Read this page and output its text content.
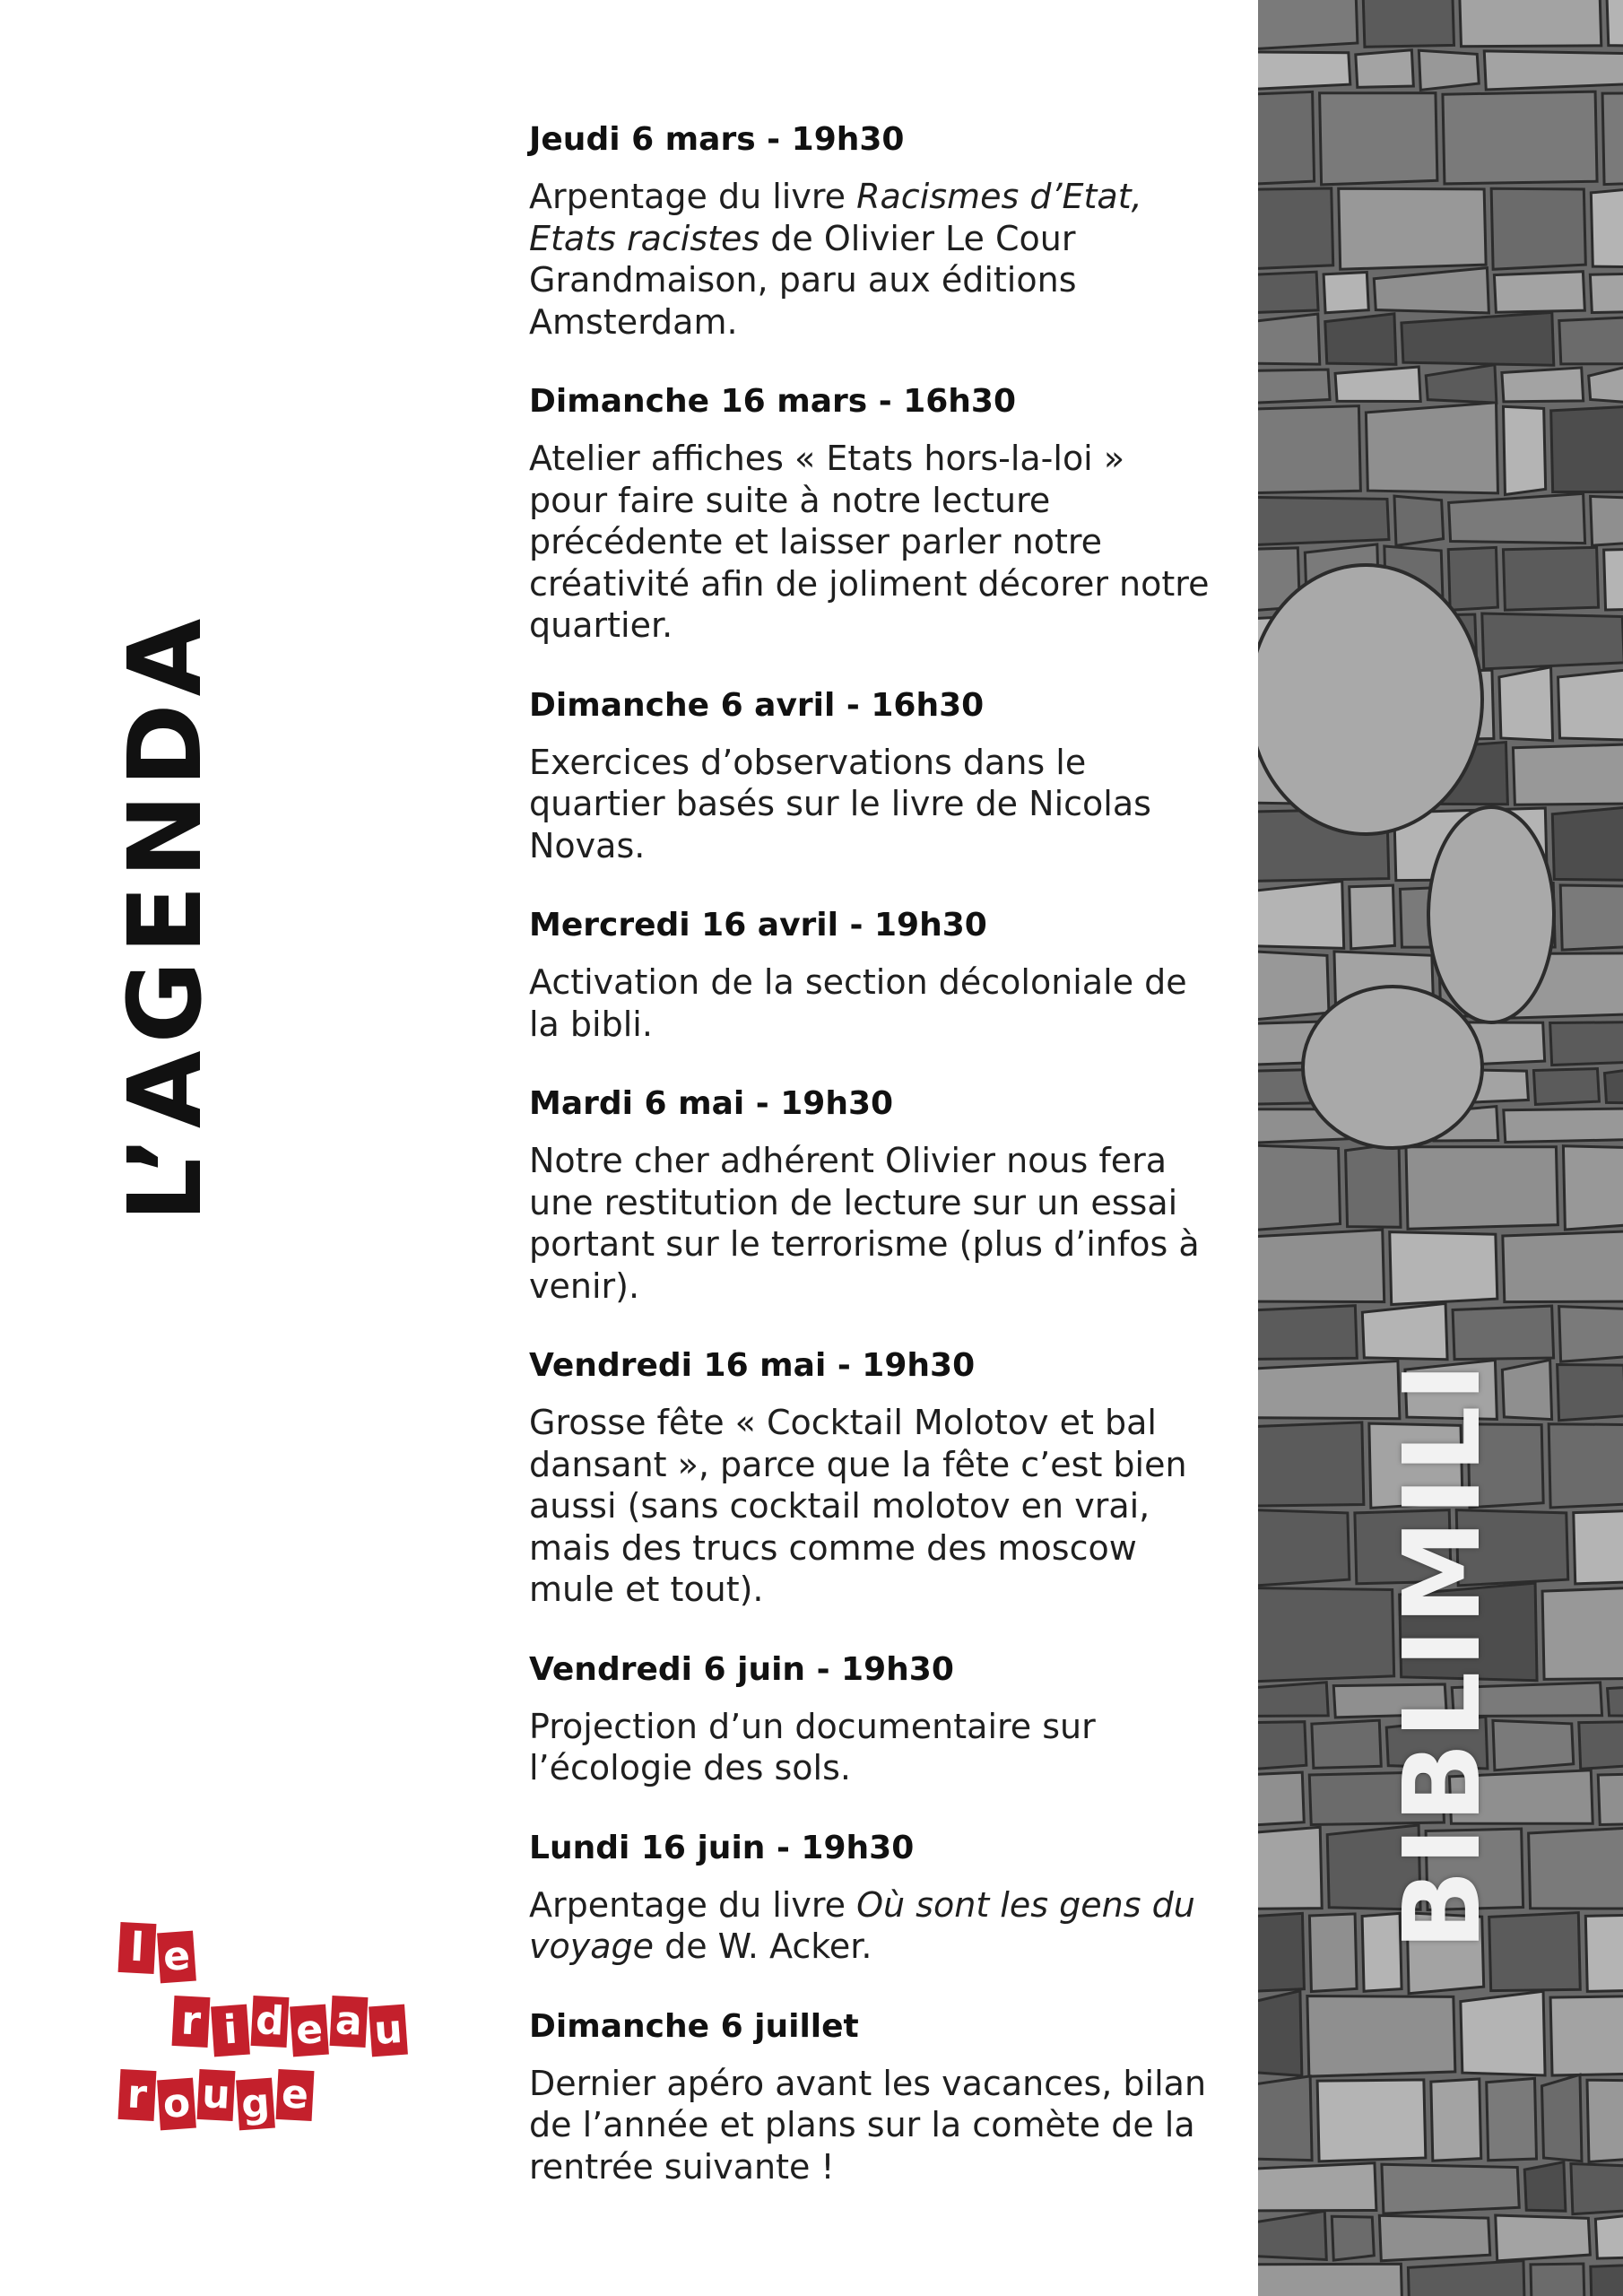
L’AGENDA

Jeudi 6 mars - 19h30

Arpentage du livre Racismes d’Etat, Etats racistes de Olivier Le Cour Grandmaison, paru aux éditions Amsterdam.

Dimanche 16 mars - 16h30

Atelier affiches « Etats hors-la-loi » pour faire suite à notre lecture précédente et laisser parler notre créativité afin de joliment décorer notre quartier.

Dimanche 6 avril - 16h30

Exercices d’observations dans le quartier basés sur le livre de Nicolas Novas.

Mercredi 16 avril - 19h30

Activation de la section décoloniale de la bibli.

Mardi 6 mai - 19h30

Notre cher adhérent Olivier nous fera une restitution de lecture sur un essai portant sur le terrorisme (plus d’infos à venir).

Vendredi 16 mai - 19h30

Grosse fête « Cocktail Molotov et bal dansant », parce que la fête c’est bien aussi (sans cocktail molotov en vrai, mais des trucs comme des moscow mule et tout).

Vendredi 6 juin - 19h30

Projection d’un documentaire sur l’écologie des sols.

Lundi 16 juin - 19h30

Arpentage du livre Où sont les gens du voyage de W. Acker.

Dimanche 6 juillet

Dernier apéro avant les vacances, bilan de l’année et plans sur la comète de la rentrée suivante !

BIBLIMILI
l e
r i d e a u
r o u g e
